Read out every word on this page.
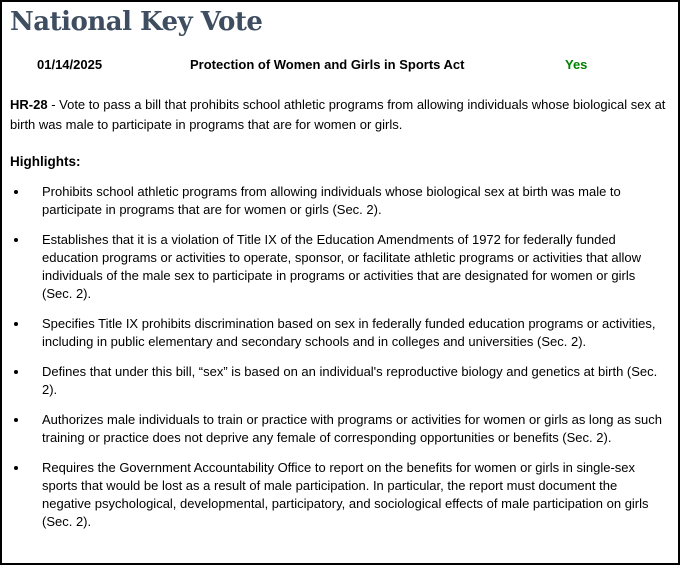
National Key Vote
01/14/2025	Protection of Women and Girls in Sports Act	Yes

HR-28 - Vote to pass a bill that prohibits school athletic programs from allowing individuals whose biological sex at birth was male to participate in programs that are for women or girls.

Highlights:
• Prohibits school athletic programs from allowing individuals whose biological sex at birth was male to participate in programs that are for women or girls (Sec. 2).
• Establishes that it is a violation of Title IX of the Education Amendments of 1972 for federally funded education programs or activities to operate, sponsor, or facilitate athletic programs or activities that allow individuals of the male sex to participate in programs or activities that are designated for women or girls (Sec. 2).
• Specifies Title IX prohibits discrimination based on sex in federally funded education programs or activities, including in public elementary and secondary schools and in colleges and universities (Sec. 2).
• Defines that under this bill, “sex” is based on an individual's reproductive biology and genetics at birth (Sec. 2).
• Authorizes male individuals to train or practice with programs or activities for women or girls as long as such training or practice does not deprive any female of corresponding opportunities or benefits (Sec. 2).
• Requires the Government Accountability Office to report on the benefits for women or girls in single-sex sports that would be lost as a result of male participation. In particular, the report must document the negative psychological, developmental, participatory, and sociological effects of male participation on girls (Sec. 2).
